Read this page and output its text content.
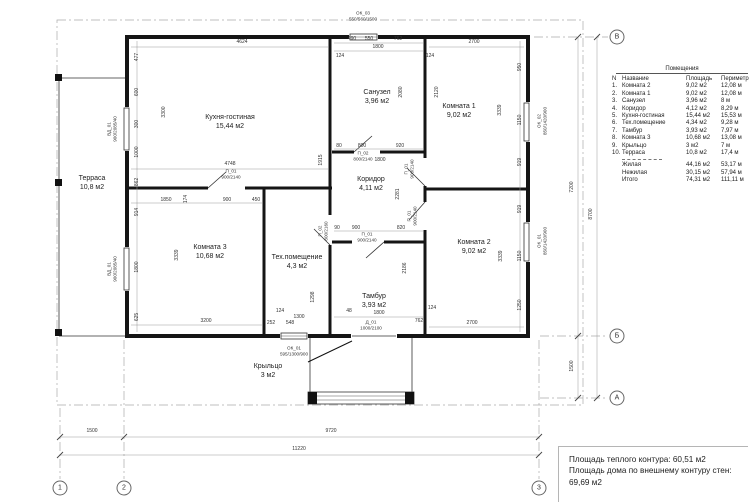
Кухня-гостиная
15,44 м2
Санузел
3,96 м2
Комната 1
9,02 м2
Коридор
4,11 м2
Комната 2
9,02 м2
Комната 3
10,68 м2	Тех.помещение
4,3 м2
Тамбур
3,93 м2
Крыльцо
3 м2
Терраса
10,8 м2
4624
124
490 550	762
1800
124
2700
477
600
300
1000
862
914
1800
625
950
1150
919
919
1150
1250
3300
1915
4748
2080	2120
80	800	920
3339
1800
2281
90 900	820
3339
2700
1850 174	900	450
3339
3200
1298
124
1300
252 548
2186
48	1800
762
124
1500	9720
11220
7200
8700
1500
ОК_03
550/560/1500
ОК_01
595/1300/900
ВД_01 900/2085/40
ВД_01 900/2085/40
ОК_02 850/1420/900
ОК_01 850/1420/900
П_01
900/2140
П_02
800/2140
П_01 900/2140
П_01 900/2140
П_02 800/2160	П_01
900/2140
Д_01
1000/2100
1	2	3
В
Б
А
Помещения
N Название	Площадь	Периметр
1. Комната 2	9,02 м2	12,08 м
2. Комната 1	9,02 м2	12,08 м
3. Санузел	3,96 м2	8 м
4. Коридор	4,12 м2	8,29 м
5. Кухня-гостиная	15,44 м2	15,53 м
6. Тех.помещение	4,34 м2	9,28 м
7. Тамбур	3,93 м2	7,97 м
8. Комната 3	10,68 м2	13,08 м
9. Крыльцо	3 м2	7 м
10. Терраса	10,8 м2	17,4 м
Жилая	44,16 м2	53,17 м
Нежилая	30,15 м2	57,94 м
Итого	74,31 м2	111,11 м
Площадь теплого контура: 60,51 м2
Площадь дома по внешнему контуру стен: 69,69 м2
